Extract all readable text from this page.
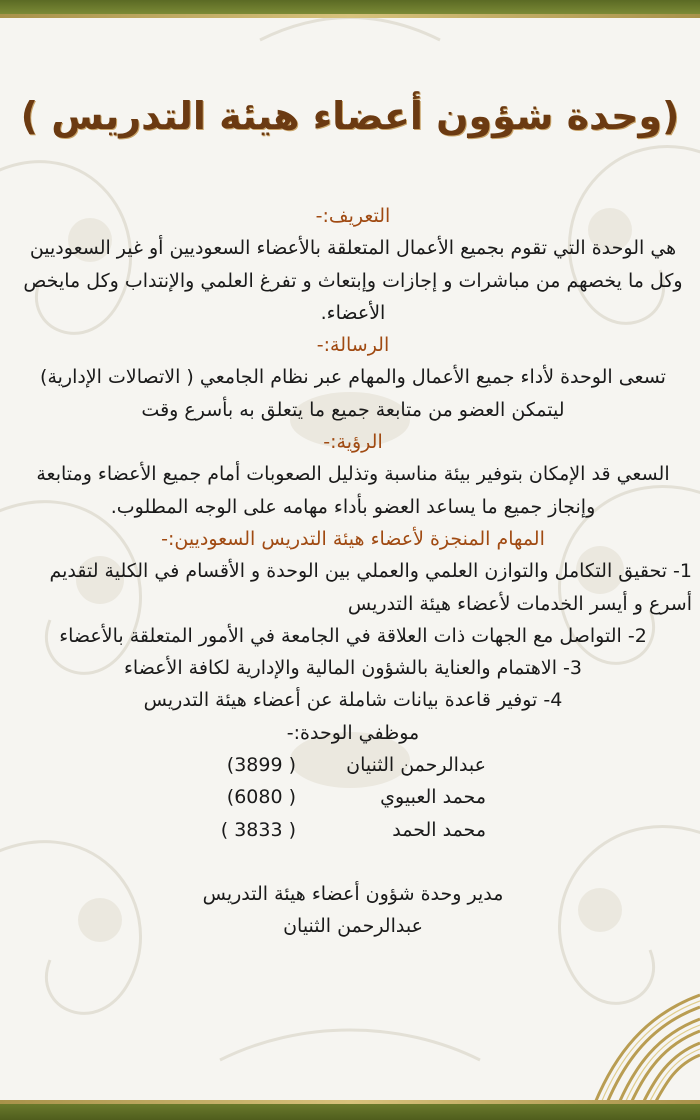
(وحدة شؤون أعضاء هيئة التدريس )

التعريف:-

هي الوحدة التي تقوم بجميع الأعمال المتعلقة بالأعضاء السعوديين أو غير السعوديين وكل ما يخصهم من مباشرات و إجازات وإبتعاث و تفرغ العلمي والإنتداب وكل مايخص الأعضاء.

الرسالة:-

تسعى الوحدة لأداء جميع الأعمال والمهام عبر نظام الجامعي ( الاتصالات الإدارية) ليتمكن العضو من متابعة جميع ما يتعلق به بأسرع وقت

الرؤية:-

السعي قد الإمكان بتوفير بيئة مناسبة وتذليل الصعوبات أمام جميع الأعضاء ومتابعة وإنجاز جميع ما يساعد العضو بأداء مهامه على الوجه المطلوب.

المهام المنجزة لأعضاء هيئة التدريس السعوديين:-

1- تحقيق التكامل والتوازن العلمي والعملي بين الوحدة و الأقسام في الكلية لتقديم أسرع و أيسر الخدمات لأعضاء هيئة التدريس

2- التواصل مع الجهات ذات العلاقة في الجامعة في الأمور المتعلقة بالأعضاء

3- الاهتمام والعناية بالشؤون المالية والإدارية لكافة الأعضاء

4- توفير قاعدة بيانات شاملة عن أعضاء هيئة التدريس

موظفي الوحدة:-

عبدالرحمن الثنيان( 3899)
محمد العبيوي( 6080)
محمد الحمد( 3833 )

مدير وحدة شؤون أعضاء هيئة التدريس

عبدالرحمن الثنيان
